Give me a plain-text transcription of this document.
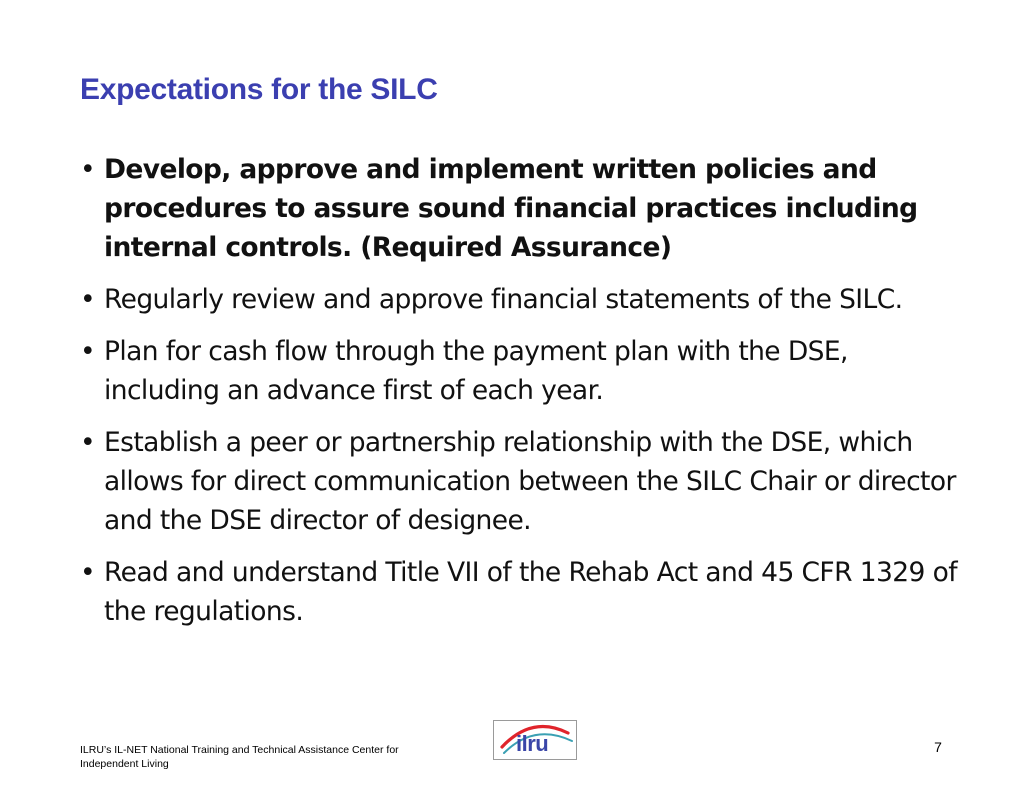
Expectations for the SILC
• Develop, approve and implement written policies and procedures to assure sound financial practices including internal controls. (Required Assurance)
• Regularly review and approve financial statements of the SILC.
• Plan for cash flow through the payment plan with the DSE, including an advance first of each year.
• Establish a peer or partnership relationship with the DSE, which allows for direct communication between the SILC Chair or director and the DSE director of designee.
• Read and understand Title VII of the Rehab Act and 45 CFR 1329 of the regulations.
ILRU’s IL-NET National Training and Technical Assistance Center for
Independent Living
ilru	7
